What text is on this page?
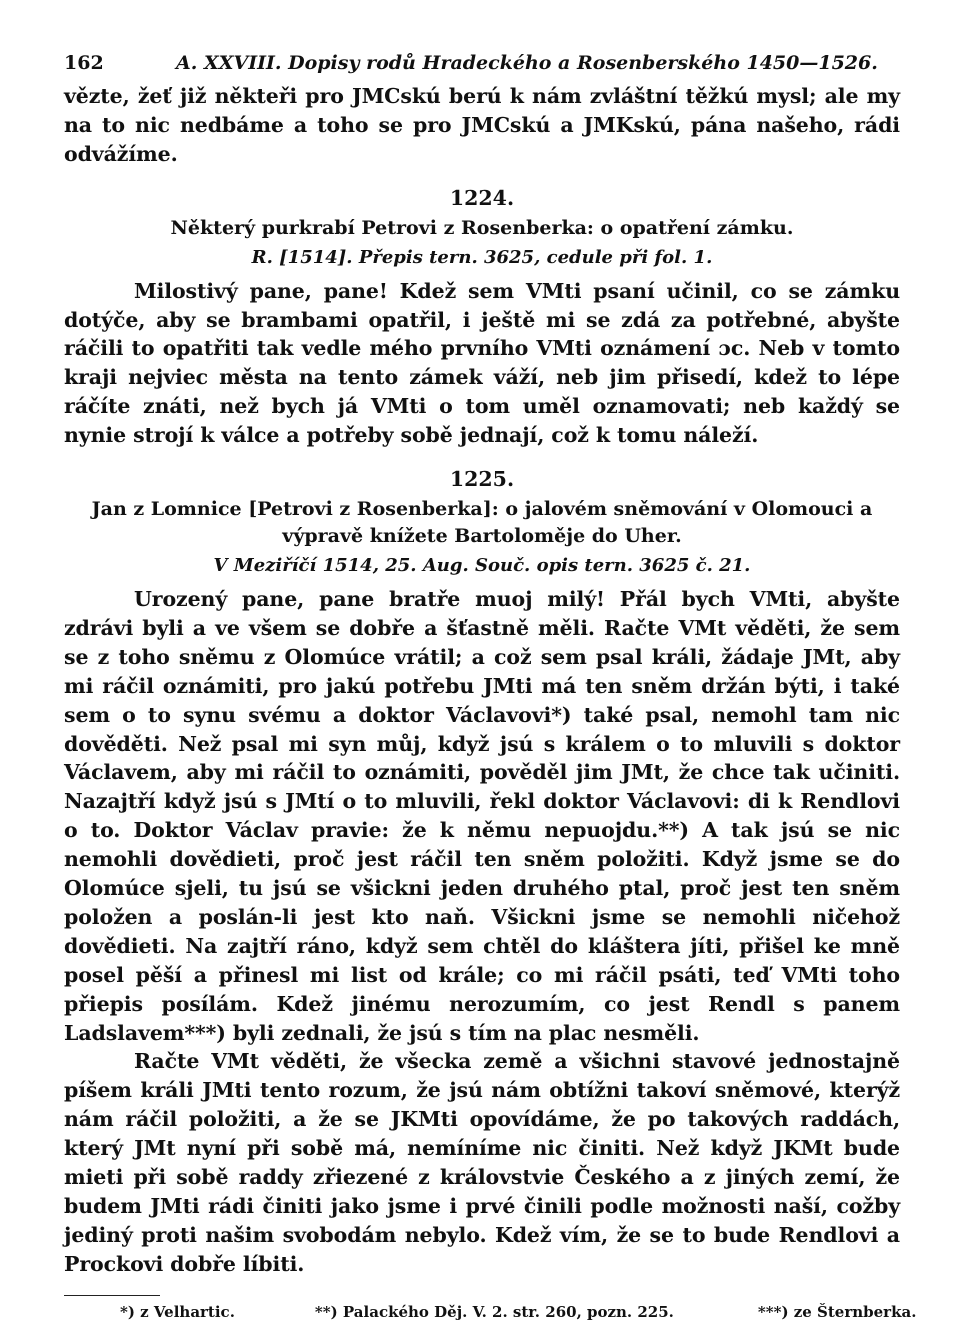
162	A. XXVIII. Dopisy rodů Hradeckého a Rosenberského 1450—1526.

vězte, žeť již někteři pro JMCskú berú k nám zvláštní těžkú mysl; ale my na to nic nedbáme a toho se pro JMCskú a JMKskú, pána našeho, rádi odvážíme.

1224.
Některý purkrabí Petrovi z Rosenberka: o opatření zámku.
R. [1514]. Přepis tern. 3625, cedule při fol. 1.

Milostivý pane, pane! Kdež sem VMti psaní učinil, co se zámku dotýče, aby se brambami opatřil, i ještě mi se zdá za potřebné, abyšte ráčili to opatřiti tak vedle mého prvního VMti oznámení ɔc. Neb v tomto kraji nejviec města na tento zámek váží, neb jim přisedí, kdež to lépe ráčíte znáti, než bych já VMti o tom uměl oznamovati; neb každý se nynie strojí k válce a potřeby sobě jednají, což k tomu náleží.

1225.
Jan z Lomnice [Petrovi z Rosenberka]: o jalovém sněmování v Olomouci a výpravě knížete Bartoloměje do Uher.
V Meziříčí 1514, 25. Aug. Souč. opis tern. 3625 č. 21.

Urozený pane, pane bratře muoj milý! Přál bych VMti, abyšte zdrávi byli a ve všem se dobře a šťastně měli. Račte VMt věděti, že sem se z toho sněmu z Olomúce vrátil; a což sem psal králi, žádaje JMt, aby mi ráčil oznámiti, pro jakú potřebu JMti má ten sněm držán býti, i také sem o to synu svému a doktor Václavovi*) také psal, nemohl tam nic dověděti. Než psal mi syn můj, když jsú s králem o to mluvili s doktor Václavem, aby mi ráčil to oznámiti, pověděl jim JMt, že chce tak učiniti. Nazajtří když jsú s JMtí o to mluvili, řekl doktor Václavovi: di k Rendlovi o to. Doktor Václav pravie: že k němu nepuojdu.**) A tak jsú se nic nemohli dovědieti, proč jest ráčil ten sněm položiti. Když jsme se do Olomúce sjeli, tu jsú se všickni jeden druhého ptal, proč jest ten sněm položen a poslán-li jest kto naň. Všickni jsme se nemohli ničehož dovědieti. Na zajtří ráno, když sem chtěl do kláštera jíti, přišel ke mně posel pěší a přinesl mi list od krále; co mi ráčil psáti, teď VMti toho přiepis posílám. Kdež jinému nerozumím, co jest Rendl s panem Ladslavem***) byli zednali, že jsú s tím na plac nesměli.

Račte VMt věděti, že všecka země a všichni stavové jednostajně píšem králi JMti tento rozum, že jsú nám obtížni takoví sněmové, kterýž nám ráčil položiti, a že se JKMti opovídáme, že po takových raddách, který JMt nyní při sobě má, nemíníme nic činiti. Než když JKMt bude mieti při sobě raddy zřiezené z královstvie Českého a z jiných zemí, že budem JMti rádi činiti jako jsme i prvé činili podle možnosti naší, cožby jediný proti našim svobodám nebylo. Kdež vím, že se to bude Rendlovi a Prockovi dobře líbiti.

*) z Velhartic.	**) Palackého Děj. V. 2. str. 260, pozn. 225.	***) ze Šternberka.
